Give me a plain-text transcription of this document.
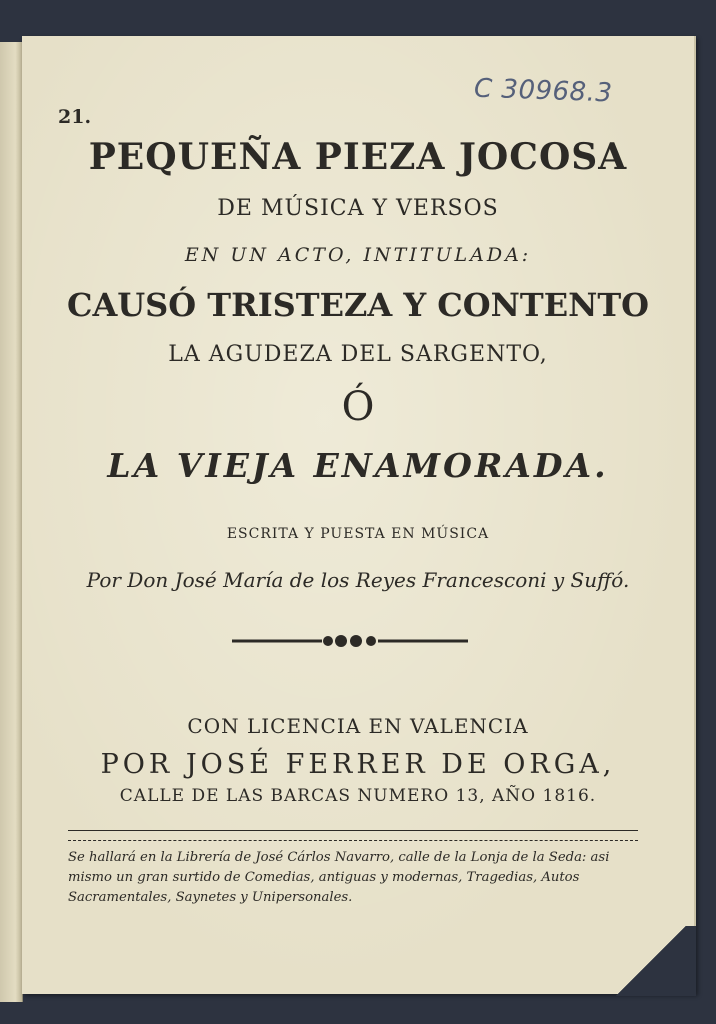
C 30968.3
21.
PEQUEÑA PIEZA JOCOSA
DE MÚSICA Y VERSOS
EN UN ACTO, INTITULADA:
CAUSÓ TRISTEZA Y CONTENTO
LA AGUDEZA DEL SARGENTO,
Ó
LA VIEJA ENAMORADA.
ESCRITA Y PUESTA EN MÚSICA
Por Don José María de los Reyes Francesconi y Suffó.
CON LICENCIA EN VALENCIA
POR JOSÉ FERRER DE ORGA,
CALLE DE LAS BARCAS NUMERO 13, AÑO 1816.
Se hallará en la Librería de José Cárlos Navarro, calle de la Lonja de la Seda: asi mismo un gran surtido de Comedias, antiguas y modernas, Tragedias, Autos Sacramentales, Saynetes y Unipersonales.
